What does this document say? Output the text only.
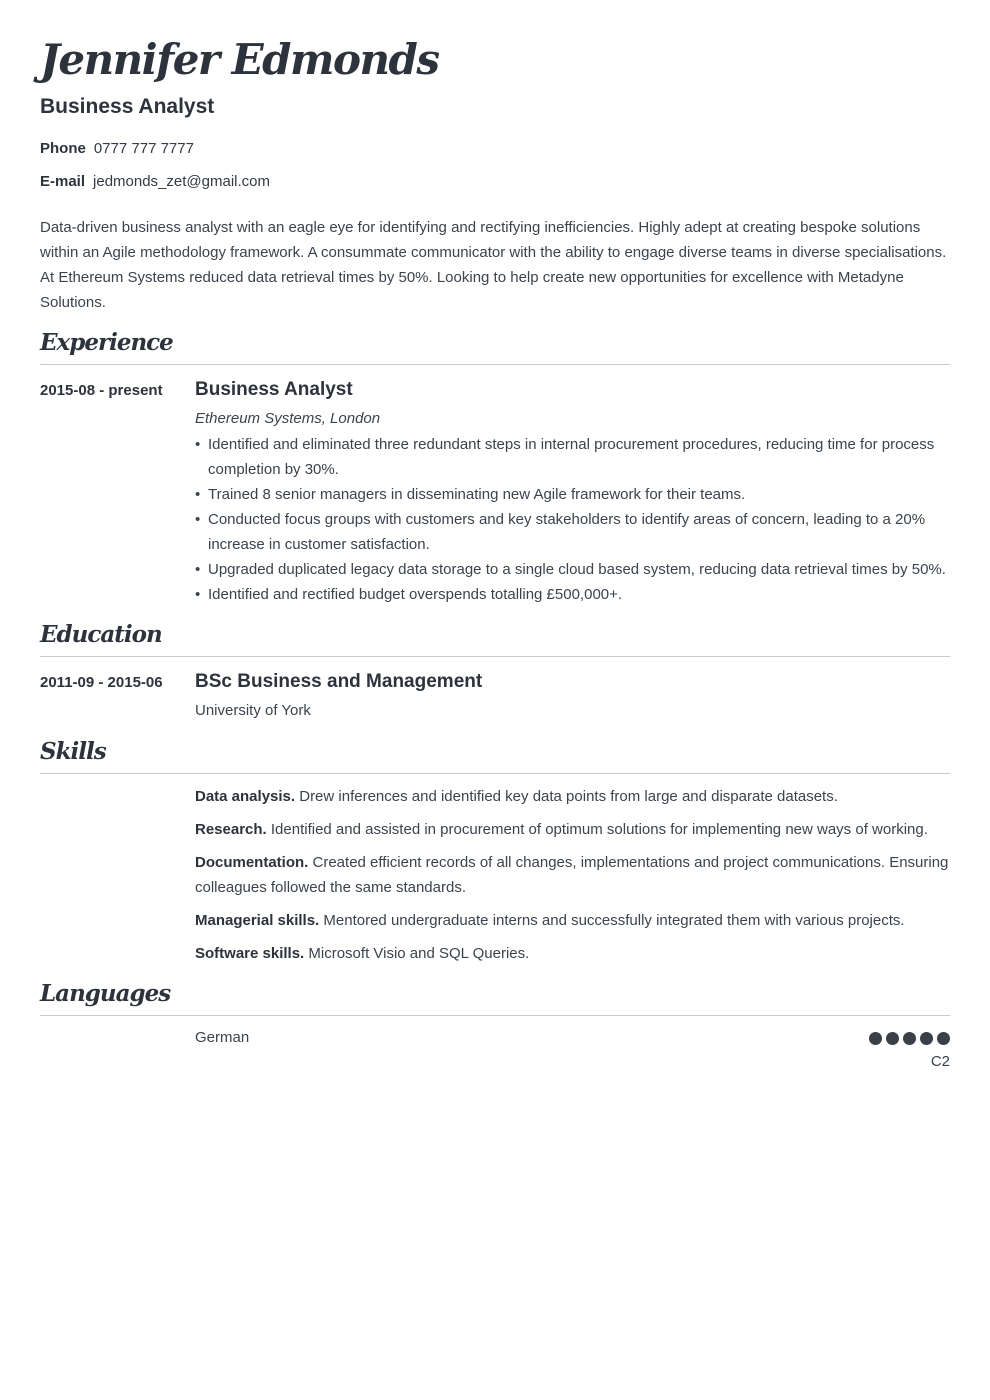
Jennifer Edmonds
Business Analyst
Phone 0777 777 7777
E-mail jedmonds_zet@gmail.com

Data-driven business analyst with an eagle eye for identifying and rectifying inefficiencies. Highly adept at creating bespoke solutions within an Agile methodology framework. A consummate communicator with the ability to engage diverse teams in diverse specialisations. At Ethereum Systems reduced data retrieval times by 50%. Looking to help create new opportunities for excellence with Metadyne Solutions.

Experience
2015-08 - present Business Analyst
Ethereum Systems, London
• Identified and eliminated three redundant steps in internal procurement procedures, reducing time for process completion by 30%.
• Trained 8 senior managers in disseminating new Agile framework for their teams.
• Conducted focus groups with customers and key stakeholders to identify areas of concern, leading to a 20% increase in customer satisfaction.
• Upgraded duplicated legacy data storage to a single cloud based system, reducing data retrieval times by 50%.
• Identified and rectified budget overspends totalling £500,000+.
Education
2011-09 - 2015-06 BSc Business and Management
University of York
Skills
Data analysis. Drew inferences and identified key data points from large and disparate datasets.
Research. Identified and assisted in procurement of optimum solutions for implementing new ways of working.
Documentation. Created efficient records of all changes, implementations and project communications. Ensuring colleagues followed the same standards.
Managerial skills. Mentored undergraduate interns and successfully integrated them with various projects.
Software skills. Microsoft Visio and SQL Queries.
Languages
German
C2
